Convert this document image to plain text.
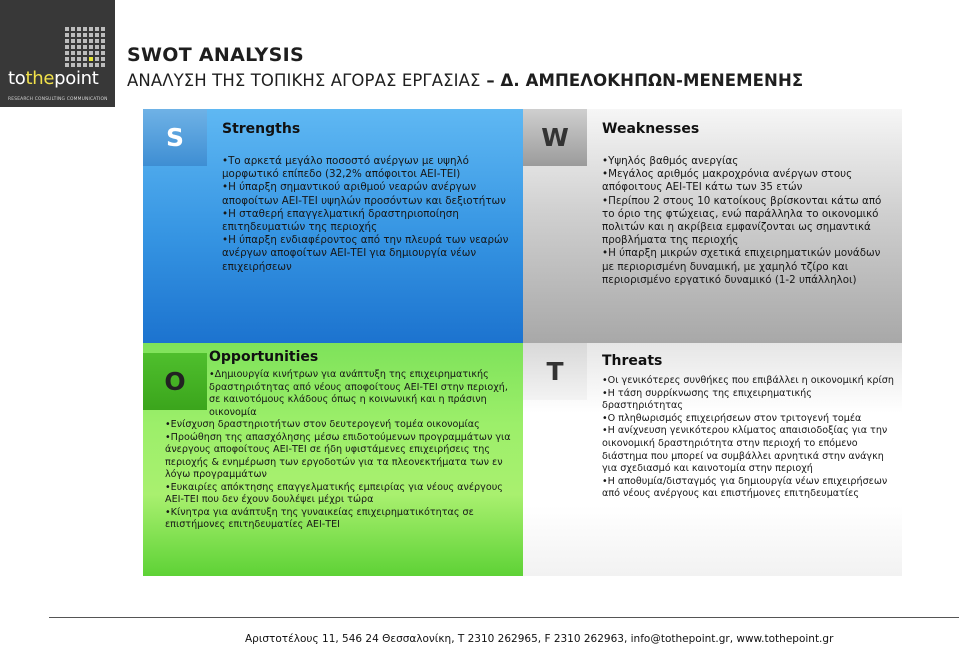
tothepoint
RESEARCH CONSULTING COMMUNICATION
SWOT ANALYSIS
ΑΝΑΛΥΣΗ ΤΗΣ ΤΟΠΙΚΗΣ ΑΓΟΡΑΣ ΕΡΓΑΣΙΑΣ – Δ. ΑΜΠΕΛΟΚΗΠΩΝ-ΜΕΝΕΜΕΝΗΣ
S	Strengths
• Το αρκετά μεγάλο ποσοστό ανέργων με υψηλό μορφωτικό επίπεδο (32,2% απόφοιτοι ΑΕΙ-ΤΕΙ)
• Η ύπαρξη σημαντικού αριθμού νεαρών ανέργων αποφοίτων ΑΕΙ-ΤΕΙ υψηλών προσόντων και δεξιοτήτων
• Η σταθερή επαγγελματική δραστηριοποίηση επιτηδευματιών της περιοχής
• Η ύπαρξη ενδιαφέροντος από την πλευρά των νεαρών ανέργων αποφοίτων ΑΕΙ-ΤΕΙ για δημιουργία νέων επιχειρήσεων
W	Weaknesses
• Υψηλός βαθμός ανεργίας
• Μεγάλος αριθμός μακροχρόνια ανέργων στους απόφοιτους ΑΕΙ-ΤΕΙ κάτω των 35 ετών
• Περίπου 2 στους 10 κατοίκους βρίσκονται κάτω από το όριο της φτώχειας, ενώ παράλληλα το οικονομικό πολιτών και η ακρίβεια εμφανίζονται ως σημαντικά προβλήματα της περιοχής
• Η ύπαρξη μικρών σχετικά επιχειρηματικών μονάδων με περιορισμένη δυναμική, με χαμηλό τζίρο και περιορισμένο εργατικό δυναμικό (1-2 υπάλληλοι)
O
Opportunities
• Δημιουργία κινήτρων για ανάπτυξη της επιχειρηματικής δραστηριότητας από νέους αποφοίτους ΑΕΙ-ΤΕΙ στην περιοχή, σε καινοτόμους κλάδους όπως η κοινωνική και η πράσινη οικονομία
• Ενίσχυση δραστηριοτήτων στον δευτερογενή τομέα οικονομίας
• Προώθηση της απασχόλησης μέσω επιδοτούμενων προγραμμάτων για άνεργους αποφοίτους ΑΕΙ-ΤΕΙ σε ήδη υφιστάμενες επιχειρήσεις της περιοχής & ενημέρωση των εργοδοτών για τα πλεονεκτήματα των εν λόγω προγραμμάτων
• Ευκαιρίες απόκτησης επαγγελματικής εμπειρίας για νέους ανέργους ΑΕΙ-ΤΕΙ που δεν έχουν δουλέψει μέχρι τώρα
• Κίνητρα για ανάπτυξη της γυναικείας επιχειρηματικότητας σε επιστήμονες επιτηδευματίες ΑΕΙ-ΤΕΙ
T	Threats
• Οι γενικότερες συνθήκες που επιβάλλει η οικονομική κρίση
• Η τάση συρρίκνωσης της επιχειρηματικής δραστηριότητας
• Ο πληθωρισμός επιχειρήσεων στον τριτογενή τομέα
• Η ανίχνευση γενικότερου κλίματος απαισιοδοξίας για την οικονομική δραστηριότητα στην περιοχή το επόμενο διάστημα που μπορεί να συμβάλλει αρνητικά στην ανάγκη για σχεδιασμό και καινοτομία στην περιοχή
• Η αποθυμία/δισταγμός για δημιουργία νέων επιχειρήσεων από νέους ανέργους και επιστήμονες επιτηδευματίες
Αριστοτέλους 11, 546 24 Θεσσαλονίκη, T 2310 262965, F 2310 262963, info@tothepoint.gr, www.tothepoint.gr
